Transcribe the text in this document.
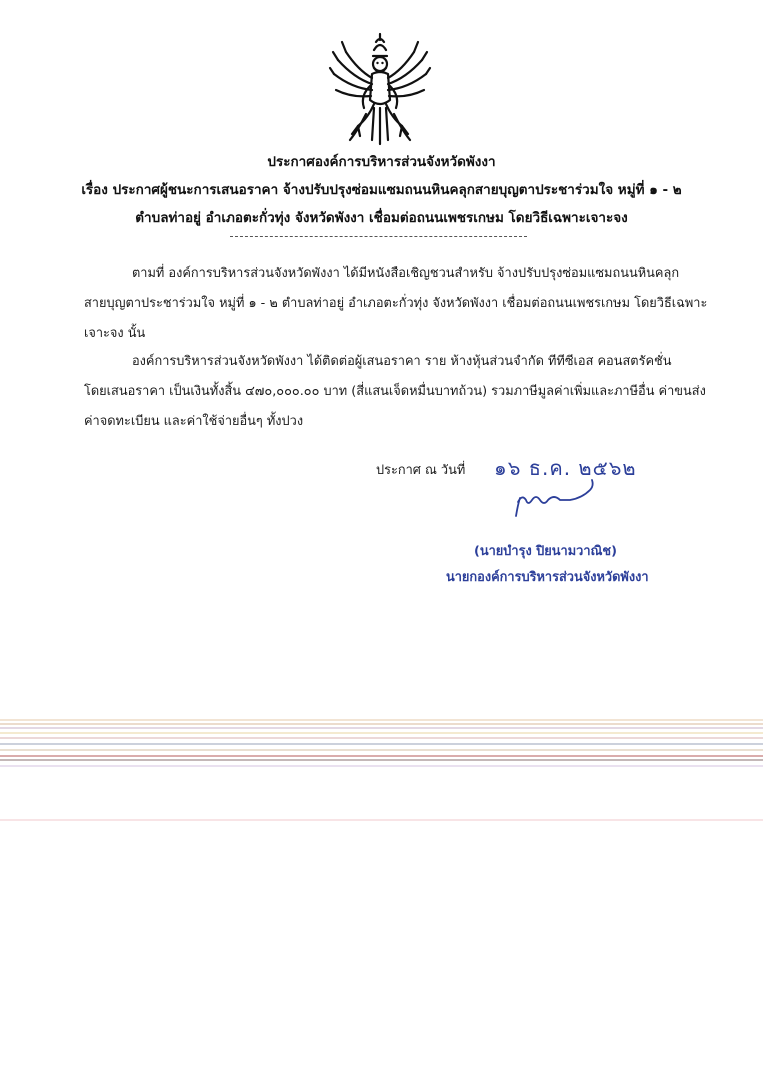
ประกาศองค์การบริหารส่วนจังหวัดพังงา
เรื่อง ประกาศผู้ชนะการเสนอราคา จ้างปรับปรุงซ่อมแซมถนนหินคลุกสายบุญตาประชาร่วมใจ หมู่ที่ ๑ - ๒
ตำบลท่าอยู่ อำเภอตะกั่วทุ่ง จังหวัดพังงา เชื่อมต่อถนนเพชรเกษม โดยวิธีเฉพาะเจาะจง
ตามที่ องค์การบริหารส่วนจังหวัดพังงา ได้มีหนังสือเชิญชวนสำหรับ จ้างปรับปรุงซ่อมแซมถนนหินคลุก
สายบุญตาประชาร่วมใจ หมู่ที่ ๑ - ๒ ตำบลท่าอยู่ อำเภอตะกั่วทุ่ง จังหวัดพังงา เชื่อมต่อถนนเพชรเกษม โดยวิธีเฉพาะ
เจาะจง นั้น
องค์การบริหารส่วนจังหวัดพังงา ได้ติดต่อผู้เสนอราคา ราย ห้างหุ้นส่วนจำกัด ทีทีซีเอส คอนสตรัคชั่น
โดยเสนอราคา เป็นเงินทั้งสิ้น ๔๗๐,๐๐๐.๐๐ บาท (สี่แสนเจ็ดหมื่นบาทถ้วน) รวมภาษีมูลค่าเพิ่มและภาษีอื่น ค่าขนส่ง
ค่าจดทะเบียน และค่าใช้จ่ายอื่นๆ ทั้งปวง
ประกาศ ณ วันที่ ๑๖ ธ.ค. ๒๕๖๒
(นายบำรุง ปิยนามวาณิช)
นายกองค์การบริหารส่วนจังหวัดพังงา
